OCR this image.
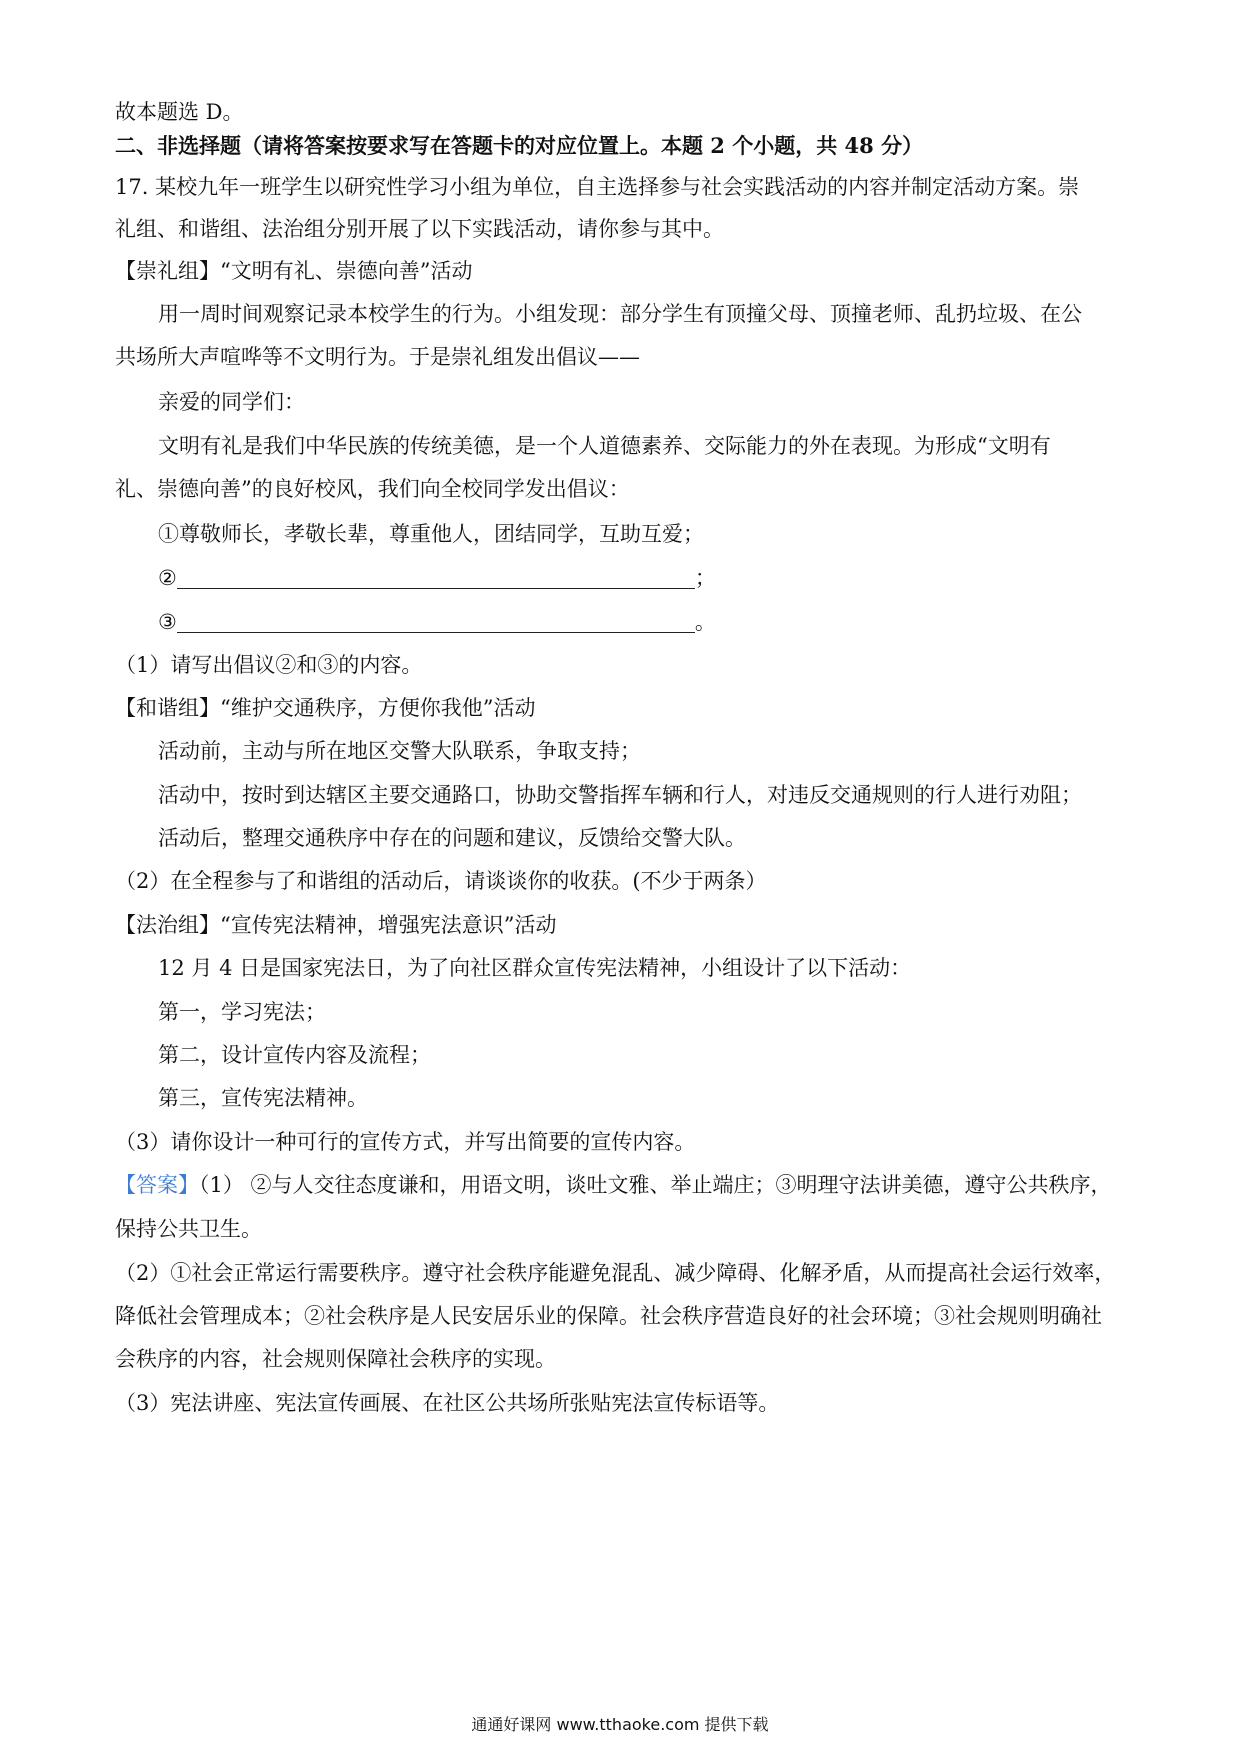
故本题选 D。
二、非选择题（请将答案按要求写在答题卡的对应位置上。本题 2 个小题，共 48 分）
17. 某校九年一班学生以研究性学习小组为单位，自主选择参与社会实践活动的内容并制定活动方案。崇
礼组、和谐组、法治组分别开展了以下实践活动，请你参与其中。
【崇礼组】“文明有礼、崇德向善”活动
用一周时间观察记录本校学生的行为。小组发现：部分学生有顶撞父母、顶撞老师、乱扔垃圾、在公
共场所大声喧哗等不文明行为。于是崇礼组发出倡议——
亲爱的同学们：
文明有礼是我们中华民族的传统美德，是一个人道德素养、交际能力的外在表现。为形成“文明有
礼、崇德向善”的良好校风，我们向全校同学发出倡议：
①尊敬师长，孝敬长辈，尊重他人，团结同学，互助互爱；
②	；
③	。
（1）请写出倡议②和③的内容。
【和谐组】“维护交通秩序，方便你我他”活动
活动前，主动与所在地区交警大队联系，争取支持；
活动中，按时到达辖区主要交通路口，协助交警指挥车辆和行人，对违反交通规则的行人进行劝阻；
活动后，整理交通秩序中存在的问题和建议，反馈给交警大队。
（2）在全程参与了和谐组的活动后，请谈谈你的收获。(不少于两条）
【法治组】“宣传宪法精神，增强宪法意识”活动
12 月 4 日是国家宪法日，为了向社区群众宣传宪法精神，小组设计了以下活动：
第一，学习宪法；
第二，设计宣传内容及流程；
第三，宣传宪法精神。
（3）请你设计一种可行的宣传方式，并写出简要的宣传内容。
【答案】（1） ②与人交往态度谦和，用语文明，谈吐文雅、举止端庄；③明理守法讲美德，遵守公共秩序，
保持公共卫生。
（2）①社会正常运行需要秩序。遵守社会秩序能避免混乱、减少障碍、化解矛盾，从而提高社会运行效率，
降低社会管理成本；②社会秩序是人民安居乐业的保障。社会秩序营造良好的社会环境；③社会规则明确社
会秩序的内容，社会规则保障社会秩序的实现。
（3）宪法讲座、宪法宣传画展、在社区公共场所张贴宪法宣传标语等。
通通好课网 www.tthaoke.com 提供下载
